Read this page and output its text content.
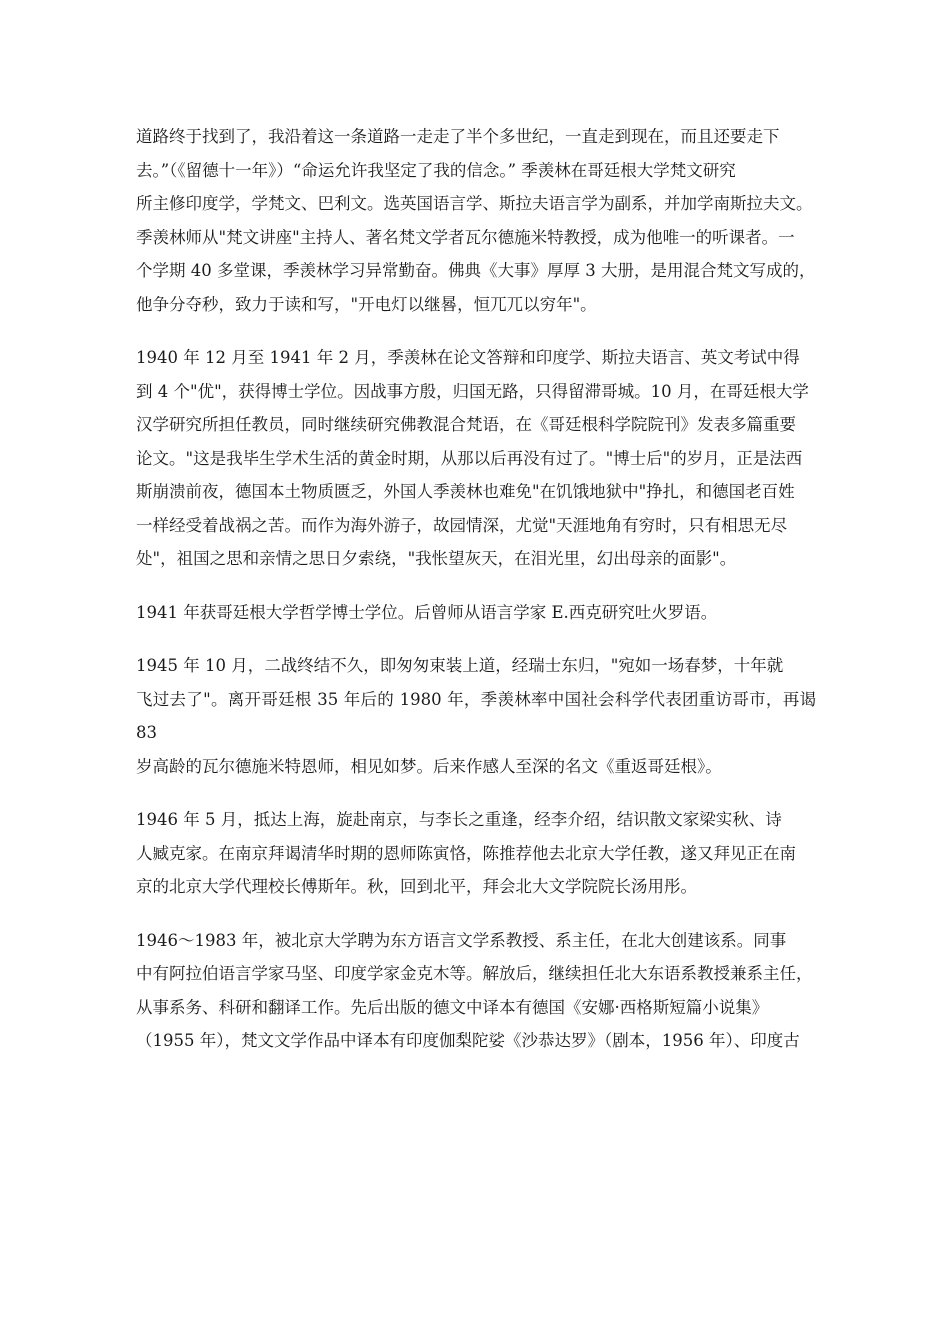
道路终于找到了，我沿着这一条道路一走走了半个多世纪，一直走到现在，而且还要走下
去。”（《留德十一年》）“命运允许我坚定了我的信念。” 季羡林在哥廷根大学梵文研究
所主修印度学，学梵文、巴利文。选英国语言学、斯拉夫语言学为副系，并加学南斯拉夫文。
季羡林师从"梵文讲座"主持人、著名梵文学者瓦尔德施米特教授，成为他唯一的听课者。一
个学期 40 多堂课，季羡林学习异常勤奋。佛典《大事》厚厚 3 大册，是用混合梵文写成的，
他争分夺秒，致力于读和写，"开电灯以继晷，恒兀兀以穷年"。

1940 年 12 月至 1941 年 2 月，季羡林在论文答辩和印度学、斯拉夫语言、英文考试中得
到 4 个"优"，获得博士学位。因战事方殷，归国无路，只得留滞哥城。10 月，在哥廷根大学
汉学研究所担任教员，同时继续研究佛教混合梵语，在《哥廷根科学院院刊》发表多篇重要
论文。"这是我毕生学术生活的黄金时期，从那以后再没有过了。"博士后"的岁月，正是法西
斯崩溃前夜，德国本土物质匮乏，外国人季羡林也难免"在饥饿地狱中"挣扎，和德国老百姓
一样经受着战祸之苦。而作为海外游子，故园情深，尤觉"天涯地角有穷时，只有相思无尽
处"，祖国之思和亲情之思日夕索绕，"我怅望灰天，在泪光里，幻出母亲的面影"。

1941 年获哥廷根大学哲学博士学位。后曾师从语言学家 E.西克研究吐火罗语。

1945 年 10 月，二战终结不久，即匆匆束装上道，经瑞士东归，"宛如一场春梦，十年就
飞过去了"。离开哥廷根 35 年后的 1980 年，季羡林率中国社会科学代表团重访哥市，再谒 83
岁高龄的瓦尔德施米特恩师，相见如梦。后来作感人至深的名文《重返哥廷根》。

1946 年 5 月，抵达上海，旋赴南京，与李长之重逢，经李介绍，结识散文家梁实秋、诗
人臧克家。在南京拜谒清华时期的恩师陈寅恪，陈推荐他去北京大学任教，遂又拜见正在南
京的北京大学代理校长傅斯年。秋，回到北平，拜会北大文学院院长汤用彤。

1946～1983 年，被北京大学聘为东方语言文学系教授、系主任，在北大创建该系。同事
中有阿拉伯语言学家马坚、印度学家金克木等。解放后，继续担任北大东语系教授兼系主任，
从事系务、科研和翻译工作。先后出版的德文中译本有德国《安娜·西格斯短篇小说集》
（1955 年），梵文文学作品中译本有印度伽梨陀娑《沙恭达罗》（剧本，1956 年）、印度古
